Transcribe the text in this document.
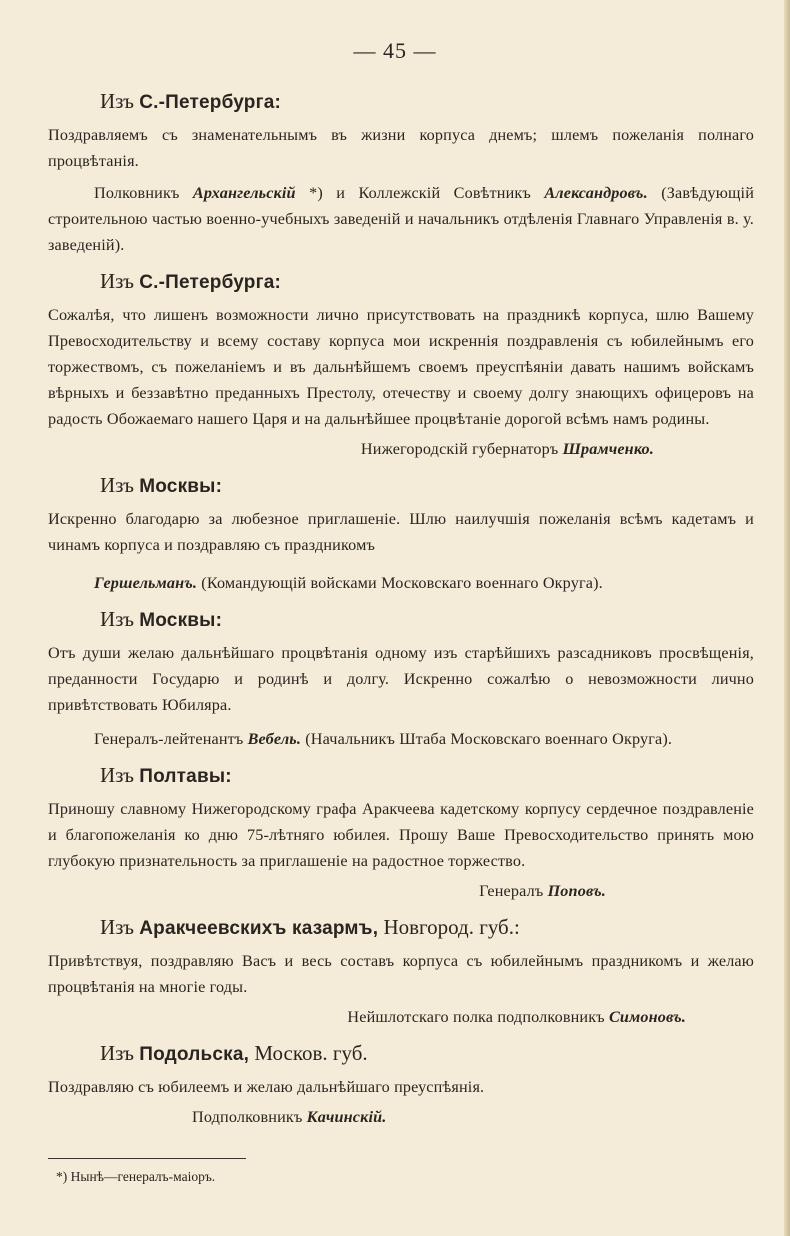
— 45 —
Изъ С.-Петербурга:

Поздравляемъ съ знаменательнымъ въ жизни корпуса днемъ; шлемъ пожеланія полнаго процвѣтанія.

Полковникъ Архангельскій *) и Коллежскій Совѣтникъ Александровъ. (Завѣдующій строительною частью военно-учебныхъ заведеній и начальникъ отдѣленія Главнаго Управленія в. у. заведеній).

Изъ С.-Петербурга:

Сожалѣя, что лишенъ возможности лично присутствовать на праздникѣ корпуса, шлю Вашему Превосходительству и всему составу корпуса мои искреннія поздравленія съ юбилейнымъ его торжествомъ, съ пожеланіемъ и въ дальнѣйшемъ своемъ преуспѣяніи давать нашимъ войскамъ вѣрныхъ и беззавѣтно преданныхъ Престолу, отечеству и своему долгу знающихъ офицеровъ на радость Обожаемаго нашего Царя и на дальнѣйшее процвѣтаніе дорогой всѣмъ намъ родины.

Нижегородскій губернаторъ Шрамченко.
Изъ Москвы:

Искренно благодарю за любезное приглашеніе. Шлю наилучшія пожеланія всѣмъ кадетамъ и чинамъ корпуса и поздравляю съ праздникомъ

Гершельманъ. (Командующій войсками Московскаго военнаго Округа).
Изъ Москвы:

Отъ души желаю дальнѣйшаго процвѣтанія одному изъ старѣйшихъ разсадниковъ просвѣщенія, преданности Государю и родинѣ и долгу. Искренно сожалѣю о невозможности лично привѣтствовать Юбиляра.

Генералъ-лейтенантъ Вебель. (Начальникъ Штаба Московскаго военнаго Округа).

Изъ Полтавы:

Приношу славному Нижегородскому графа Аракчеева кадетскому корпусу сердечное поздравленіе и благопожеланія ко дню 75-лѣтняго юбилея. Прошу Ваше Превосходительство принять мою глубокую признательность за приглашеніе на радостное торжество.

Генералъ Поповъ.
Изъ Аракчеевскихъ казармъ, Новгород. губ.:

Привѣтствуя, поздравляю Васъ и весь составъ корпуса съ юбилейнымъ праздникомъ и желаю процвѣтанія на многіе годы.

Нейшлотскаго полка подполковникъ Симоновъ.
Изъ Подольска, Москов. губ.

Поздравляю съ юбилеемъ и желаю дальнѣйшаго преуспѣянія.

Подполковникъ Качинскій.
*) Нынѣ—генералъ-маіоръ.
